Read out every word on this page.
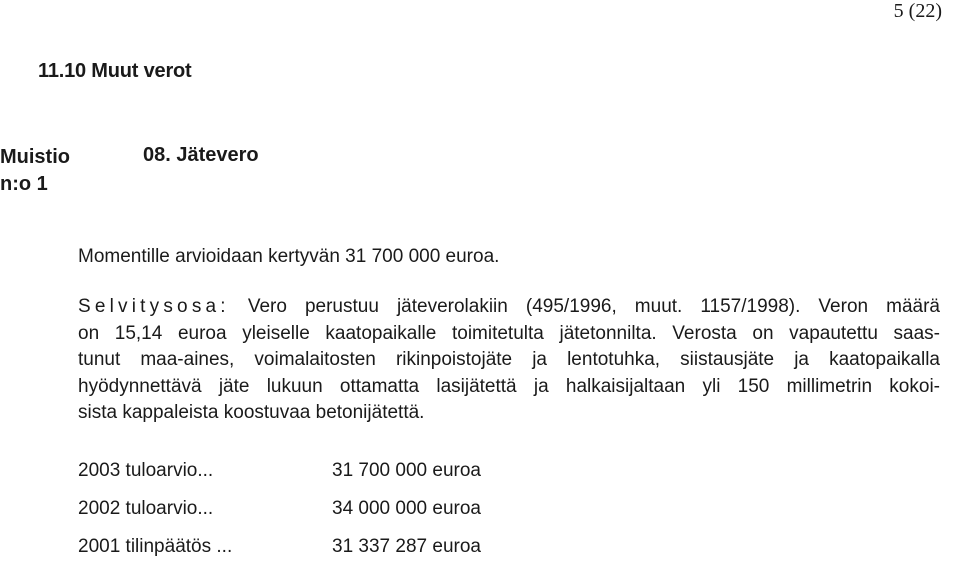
5 (22)
11.10 Muut verot
Muistio n:o 1
08. Jätevero
Momentille arvioidaan kertyvän 31 700 000 euroa.
Selvitysosa: Vero perustuu jäteverolakiin (495/1996, muut. 1157/1998). Veron määrä
on 15,14 euroa yleiselle kaatopaikalle toimitetulta jätetonnilta. Verosta on vapautettu saas-
tunut maa-aines, voimalaitosten rikinpoistojäte ja lentotuhka, siistausjäte ja kaatopaikalla
hyödynnettävä jäte lukuun ottamatta lasijätettä ja halkaisijaltaan yli 150 millimetrin kokoi-
sista kappaleista koostuvaa betonijätettä.
2003 tuloarvio...	31 700 000 euroa
2002 tuloarvio...	34 000 000 euroa
2001 tilinpäätös ...	31 337 287 euroa
